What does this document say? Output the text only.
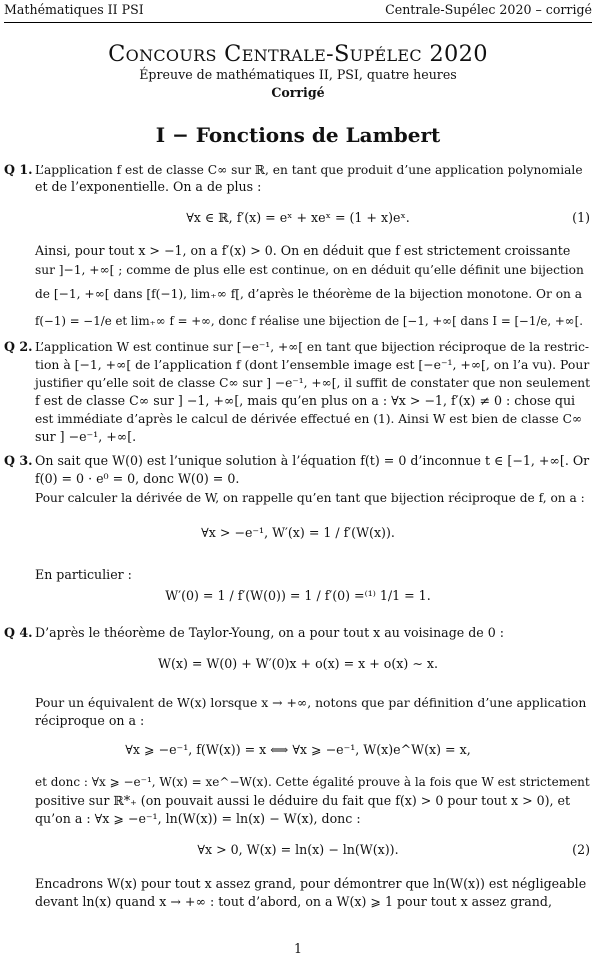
Mathématiques II PSI	Centrale-Supélec 2020 – corrigé
Concours Centrale-Supélec 2020
Épreuve de mathématiques II, PSI, quatre heures
Corrigé
I − Fonctions de Lambert
Q 1. L’application f est de classe C∞ sur ℝ, en tant que produit d’une application polynomiale
et de l’exponentielle. On a de plus :
∀x ∈ ℝ, f′(x) = eˣ + xeˣ = (1 + x)eˣ.	(1)
Ainsi, pour tout x > −1, on a f′(x) > 0. On en déduit que f est strictement croissante
sur ]−1, +∞[ ; comme de plus elle est continue, on en déduit qu’elle définit une bijection
de [−1, +∞[ dans [f(−1), lim₊∞ f[, d’après le théorème de la bijection monotone. Or on a
f(−1) = −1/e et lim₊∞ f = +∞, donc f réalise une bijection de [−1, +∞[ dans I = [−1/e, +∞[.
Q 2. L’application W est continue sur [−e⁻¹, +∞[ en tant que bijection réciproque de la restric-
tion à [−1, +∞[ de l’application f (dont l’ensemble image est [−e⁻¹, +∞[, on l’a vu). Pour
justifier qu’elle soit de classe C∞ sur ] −e⁻¹, +∞[, il suffit de constater que non seulement
f est de classe C∞ sur ] −1, +∞[, mais qu’en plus on a : ∀x > −1, f′(x) ≠ 0 : chose qui
est immédiate d’après le calcul de dérivée effectué en (1). Ainsi W est bien de classe C∞
sur ] −e⁻¹, +∞[.
Q 3. On sait que W(0) est l’unique solution à l’équation f(t) = 0 d’inconnue t ∈ [−1, +∞[. Or
f(0) = 0 · e⁰ = 0, donc W(0) = 0.
Pour calculer la dérivée de W, on rappelle qu’en tant que bijection réciproque de f, on a :
∀x > −e⁻¹, W′(x) = 1 / f′(W(x)).
En particulier :
W′(0) = 1 / f′(W(0)) = 1 / f′(0) =⁽¹⁾ 1/1 = 1.
Q 4. D’après le théorème de Taylor-Young, on a pour tout x au voisinage de 0 :
W(x) = W(0) + W′(0)x + o(x) = x + o(x) ∼ x.
Pour un équivalent de W(x) lorsque x → +∞, notons que par définition d’une application
réciproque on a :
∀x ⩾ −e⁻¹, f(W(x)) = x ⟺ ∀x ⩾ −e⁻¹, W(x)e^W(x) = x,
et donc : ∀x ⩾ −e⁻¹, W(x) = xe^−W(x). Cette égalité prouve à la fois que W est strictement
positive sur ℝ*₊ (on pouvait aussi le déduire du fait que f(x) > 0 pour tout x > 0), et
qu’on a : ∀x ⩾ −e⁻¹, ln(W(x)) = ln(x) − W(x), donc :
∀x > 0, W(x) = ln(x) − ln(W(x)).	(2)
Encadrons W(x) pour tout x assez grand, pour démontrer que ln(W(x)) est négligeable
devant ln(x) quand x → +∞ : tout d’abord, on a W(x) ⩾ 1 pour tout x assez grand,
1
